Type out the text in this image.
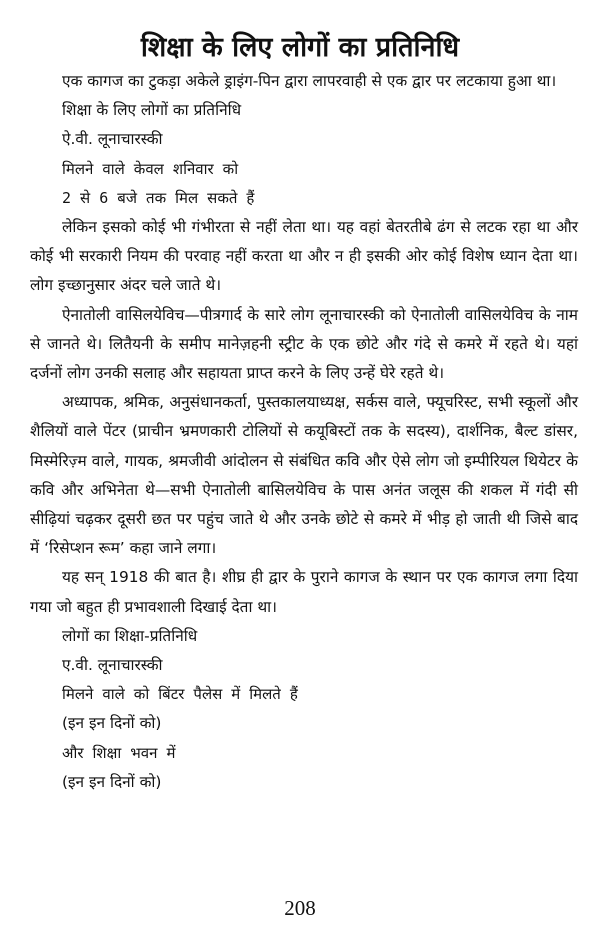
शिक्षा के लिए लोगों का प्रतिनिधि

एक कागज का टुकड़ा अकेले ड्राइंग-पिन द्वारा लापरवाही से एक द्वार पर लटकाया हुआ था।

शिक्षा के लिए लोगों का प्रतिनिधि

ऐ.वी. लूनाचारस्की

मिलने वाले केवल शनिवार को

2 से 6 बजे तक मिल सकते हैं

लेकिन इसको कोई भी गंभीरता से नहीं लेता था। यह वहां बेतरतीबे ढंग से लटक रहा था और कोई भी सरकारी नियम की परवाह नहीं करता था और न ही इसकी ओर कोई विशेष ध्यान देता था। लोग इच्छानुसार अंदर चले जाते थे।

ऐनातोली वासिलयेविच—पीत्रगार्द के सारे लोग लूनाचारस्की को ऐनातोली वासिलयेविच के नाम से जानते थे। लितैयनी के समीप मानेज़हनी स्ट्रीट के एक छोटे और गंदे से कमरे में रहते थे। यहां दर्जनों लोग उनकी सलाह और सहायता प्राप्त करने के लिए उन्हें घेरे रहते थे।

अध्यापक, श्रमिक, अनुसंधानकर्ता, पुस्तकालयाध्यक्ष, सर्कस वाले, फ्यूचरिस्ट, सभी स्कूलों और शैलियों वाले पेंटर (प्राचीन भ्रमणकारी टोलियों से कयूबिस्टों तक के सदस्य), दार्शनिक, बैल्ट डांसर, मिस्मेरिज़्म वाले, गायक, श्रमजीवी आंदोलन से संबंधित कवि और ऐसे लोग जो इम्पीरियल थियेटर के कवि और अभिनेता थे—सभी ऐनातोली बासिलयेविच के पास अनंत जलूस की शकल में गंदी सी सीढ़ियां चढ़कर दूसरी छत पर पहुंच जाते थे और उनके छोटे से कमरे में भीड़ हो जाती थी जिसे बाद में ‘रिसेप्शन रूम’ कहा जाने लगा।

यह सन् 1918 की बात है। शीघ्र ही द्वार के पुराने कागज के स्थान पर एक कागज लगा दिया गया जो बहुत ही प्रभावशाली दिखाई देता था।

लोगों का शिक्षा-प्रतिनिधि

ए.वी. लूनाचारस्की

मिलने वाले को बिंटर पैलेस में मिलते हैं

(इन इन दिनों को)

और शिक्षा भवन में

(इन इन दिनों को)

208
